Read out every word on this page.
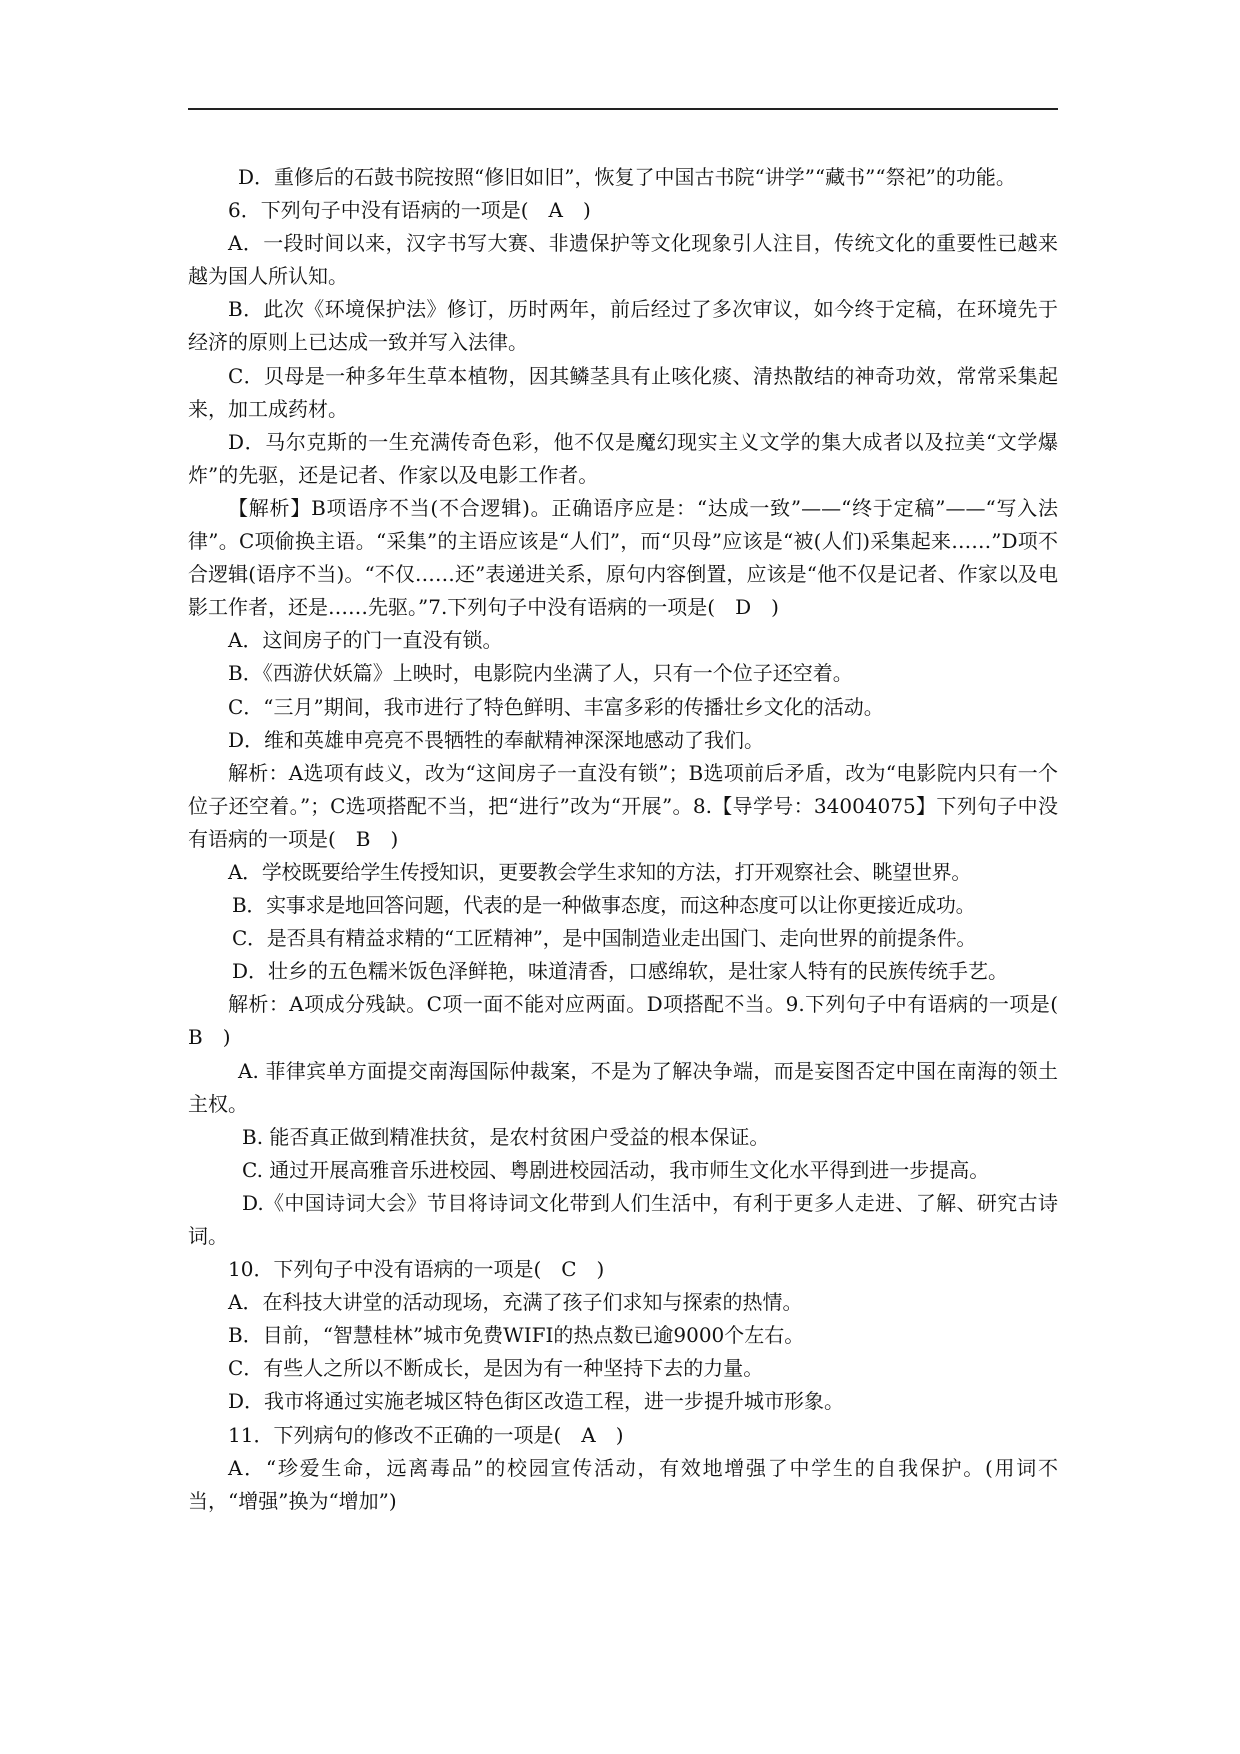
D．重修后的石鼓书院按照“修旧如旧”，恢复了中国古书院“讲学”“藏书”“祭祀”的功能。

6．下列句子中没有语病的一项是(　A　)

A．一段时间以来，汉字书写大赛、非遗保护等文化现象引人注目，传统文化的重要性已越来越为国人所认知。

B．此次《环境保护法》修订，历时两年，前后经过了多次审议，如今终于定稿，在环境先于经济的原则上已达成一致并写入法律。

C．贝母是一种多年生草本植物，因其鳞茎具有止咳化痰、清热散结的神奇功效，常常采集起来，加工成药材。

D．马尔克斯的一生充满传奇色彩，他不仅是魔幻现实主义文学的集大成者以及拉美“文学爆炸”的先驱，还是记者、作家以及电影工作者。

【解析】B项语序不当(不合逻辑)。正确语序应是：“达成一致”——“终于定稿”——“写入法律”。C项偷换主语。“采集”的主语应该是“人们”，而“贝母”应该是“被(人们)采集起来……”D项不合逻辑(语序不当)。“不仅……还”表递进关系，原句内容倒置，应该是“他不仅是记者、作家以及电影工作者，还是……先驱。”7.下列句子中没有语病的一项是(　D　)

A．这间房子的门一直没有锁。

B．《西游伏妖篇》上映时，电影院内坐满了人，只有一个位子还空着。

C．“三月”期间，我市进行了特色鲜明、丰富多彩的传播壮乡文化的活动。

D．维和英雄申亮亮不畏牺牲的奉献精神深深地感动了我们。

解析：A选项有歧义，改为“这间房子一直没有锁”；B选项前后矛盾，改为“电影院内只有一个位子还空着。”；C选项搭配不当，把“进行”改为“开展”。8.【导学号：34004075】下列句子中没有语病的一项是(　B　)

A．学校既要给学生传授知识，更要教会学生求知的方法，打开观察社会、眺望世界。

B．实事求是地回答问题，代表的是一种做事态度，而这种态度可以让你更接近成功。

C．是否具有精益求精的“工匠精神”，是中国制造业走出国门、走向世界的前提条件。

D．壮乡的五色糯米饭色泽鲜艳，味道清香，口感绵软，是壮家人特有的民族传统手艺。

解析：A项成分残缺。C项一面不能对应两面。D项搭配不当。9.下列句子中有语病的一项是(　B　)

A. 菲律宾单方面提交南海国际仲裁案，不是为了解决争端，而是妄图否定中国在南海的领土主权。

B. 能否真正做到精准扶贫，是农村贫困户受益的根本保证。

C. 通过开展高雅音乐进校园、粤剧进校园活动，我市师生文化水平得到进一步提高。

D.《中国诗词大会》节目将诗词文化带到人们生活中，有利于更多人走进、了解、研究古诗词。

10．下列句子中没有语病的一项是(　C　)

A．在科技大讲堂的活动现场，充满了孩子们求知与探索的热情。

B．目前，“智慧桂林”城市免费WIFI的热点数已逾9000个左右。

C．有些人之所以不断成长，是因为有一种坚持下去的力量。

D．我市将通过实施老城区特色街区改造工程，进一步提升城市形象。

11．下列病句的修改不正确的一项是(　A　)

A．“珍爱生命，远离毒品”的校园宣传活动，有效地增强了中学生的自我保护。(用词不当，“增强”换为“增加”)
